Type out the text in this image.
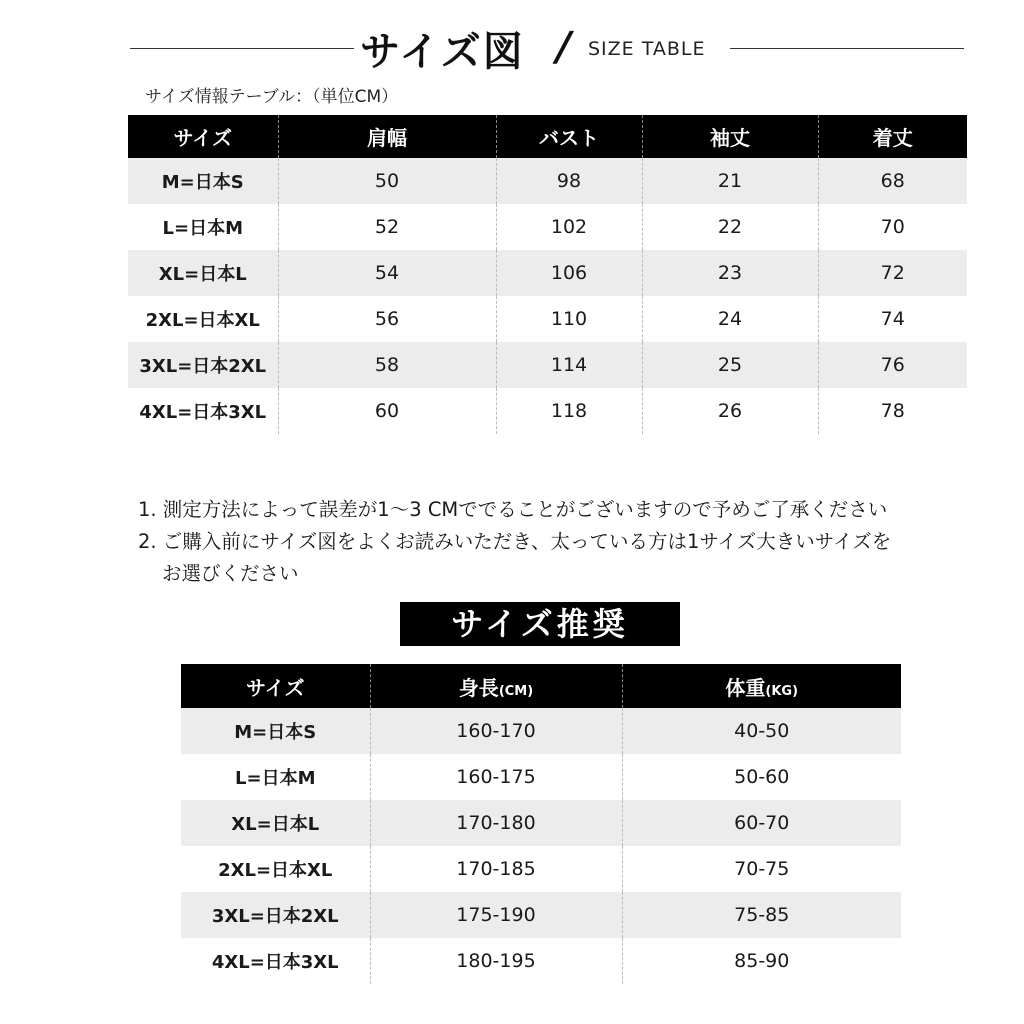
サイズ図 / SIZE TABLE
サイズ情報テーブル：（単位CM）
サイズ	肩幅	バスト	袖丈	着丈
M=日本S	50	98	21	68
L=日本M	52	102	22	70
XL=日本L	54	106	23	72
2XL=日本XL	56	110	24	74
3XL=日本2XL	58	114	25	76
4XL=日本3XL	60	118	26	78

1. 測定方法によって誤差が1～3 CMででることがございますので予めご了承ください

2. ご購入前にサイズ図をよくお読みいただき、太っている方は1サイズ大きいサイズを

お選びください

サイズ推奨
サイズ	身長(CM)	体重(KG)
M=日本S	160-170	40-50
L=日本M	160-175	50-60
XL=日本L	170-180	60-70
2XL=日本XL	170-185	70-75
3XL=日本2XL	175-190	75-85
4XL=日本3XL	180-195	85-90
